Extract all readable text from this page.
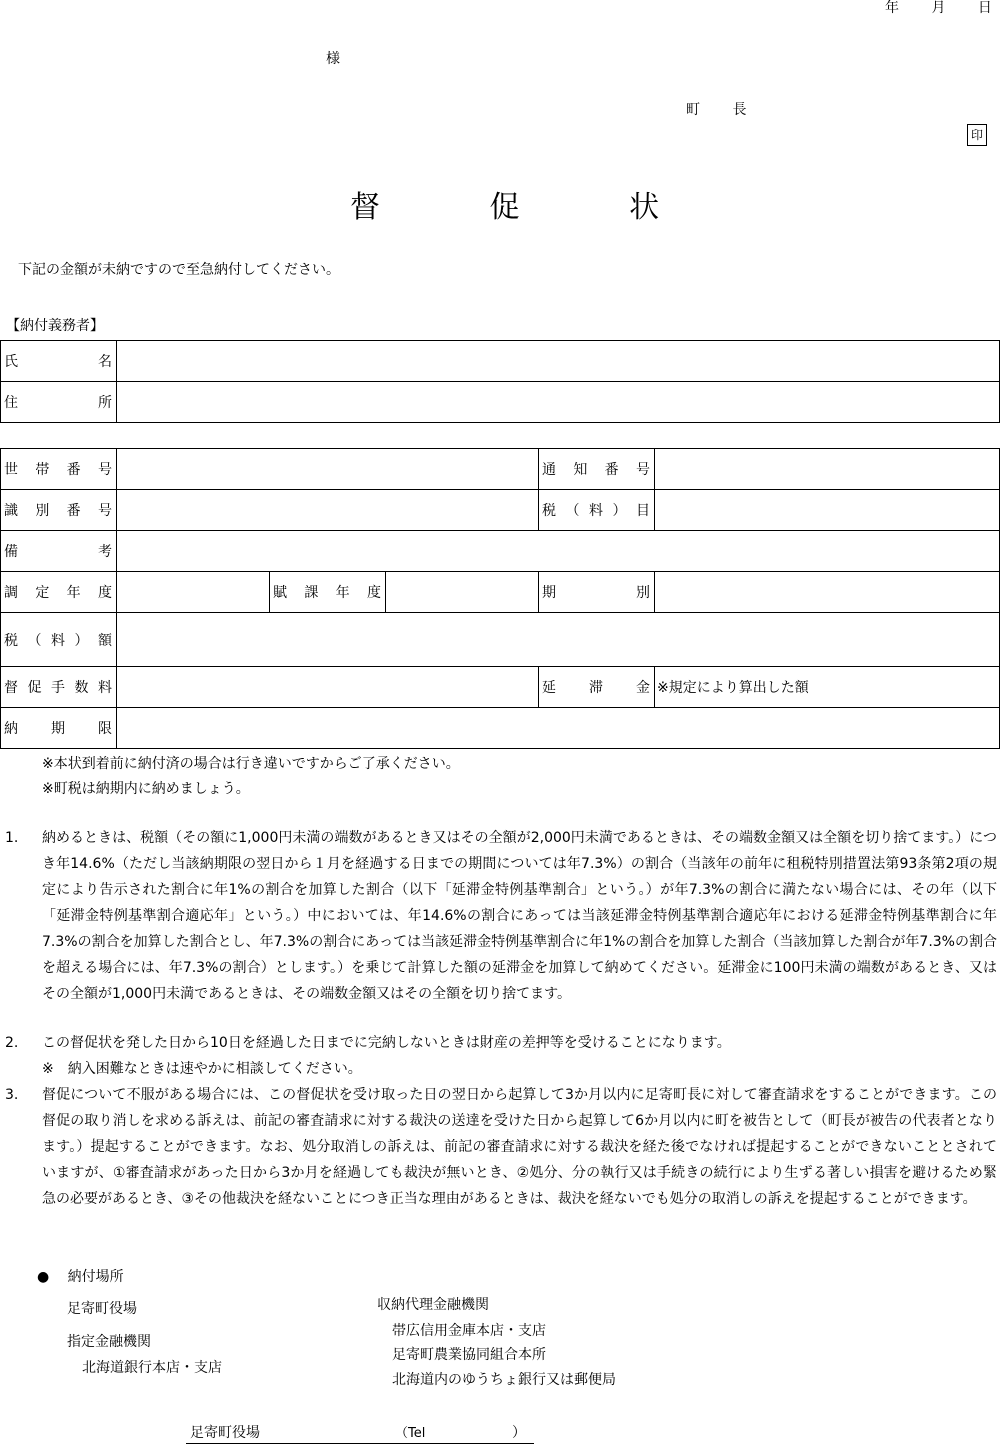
年 月 日
様
町 長
印
督	促	状
下記の金額が未納ですので至急納付してください。
【納付義務者】
氏 名	

住 所	

世 帯 番 号				通 知 番 号	

識 別 番 号				税 （ 料 ） 目	

備 考					

調 定 年 度		賦 課 年 度		期 別	

税 （ 料 ） 額					

督 促 手 数 料				延 滞 金	※規定により算出した額

納 期 限					

※本状到着前に納付済の場合は行き違いですからご了承ください。
※町税は納期内に納めましょう。
1. 納めるときは、税額（その額に1,000円未満の端数があるとき又はその全額が2,000円未満であるときは、その端数金額又は全額を切り捨てます。）につき年14.6%（ただし当該納期限の翌日から１月を経過する日までの期間については年7.3%）の割合（当該年の前年に租税特別措置法第93条第2項の規定により告示された割合に年1%の割合を加算した割合（以下「延滞金特例基準割合」という。）が年7.3%の割合に満たない場合には、その年（以下「延滞金特例基準割合適応年」という。）中においては、年14.6%の割合にあっては当該延滞金特例基準割合適応年における延滞金特例基準割合に年7.3%の割合を加算した割合とし、年7.3%の割合にあっては当該延滞金特例基準割合に年1%の割合を加算した割合（当該加算した割合が年7.3%の割合を超える場合には、年7.3%の割合）とします。）を乗じて計算した額の延滞金を加算して納めてください。延滞金に100円未満の端数があるとき、又はその全額が1,000円未満であるときは、その端数金額又はその全額を切り捨てます。
2. この督促状を発した日から10日を経過した日までに完納しないときは財産の差押等を受けることになります。
※　納入困難なときは速やかに相談してください。
3. 督促について不服がある場合には、この督促状を受け取った日の翌日から起算して3か月以内に足寄町長に対して審査請求をすることができます。この督促の取り消しを求める訴えは、前記の審査請求に対する裁決の送達を受けた日から起算して6か月以内に町を被告として（町長が被告の代表者となります。）提起することができます。なお、処分取消しの訴えは、前記の審査請求に対する裁決を経た後でなければ提起することができないこととされていますが、①審査請求があった日から3か月を経過しても裁決が無いとき、②処分、分の執行又は手続きの続行により生ずる著しい損害を避けるため緊急の必要があるとき、③その他裁決を経ないことにつき正当な理由があるときは、裁決を経ないでも処分の取消しの訴えを提起することができます。
● 納付場所
足寄町役場
指定金融機関
北海道銀行本店・支店
収納代理金融機関
帯広信用金庫本店・支店
足寄町農業協同組合本所
北海道内のゆうちょ銀行又は郵便局
足寄町役場	（Tel	）
